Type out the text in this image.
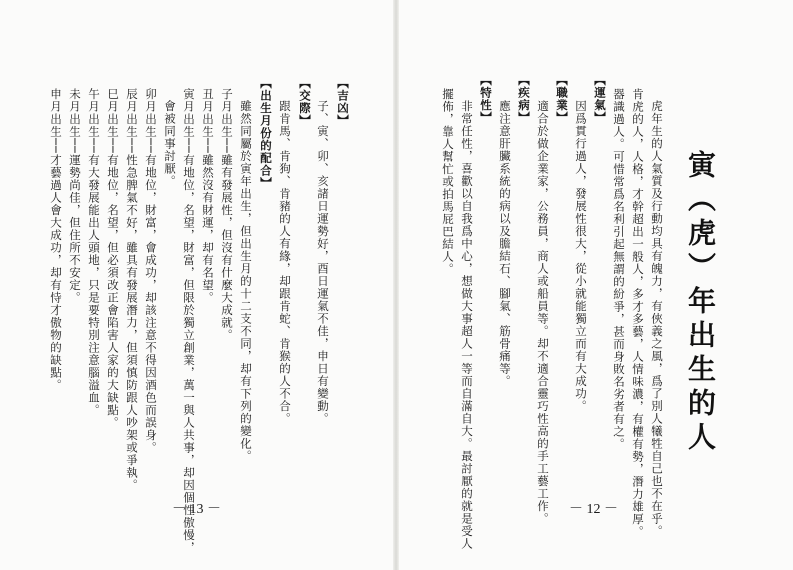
【吉凶】
子、寅、卯、亥諸日運勢好，酉日運氣不佳，申日有變動。
【交際】
跟肯馬、肯狗、肯豬的人有緣，却跟肯蛇、肯猴的人不合。
【出生月份的配合】
雖然同屬於寅年出生，但出生月的十二支不同，却有下列的變化。
子月出生──雖有發展性，但沒有什麼大成就。
丑月出生──雖然沒有財運，却有名望。
寅月出生──有地位，名望，財富，但限於獨立創業，萬一與人共事，却因個性傲慢，
會被同事討厭。
卯月出生──有地位，財富，會成功，却該注意不得因酒色而誤身。
辰月出生──性急脾氣不好，雖具有發展潛力，但須慎防跟人吵架或爭執。
巳月出生──有地位，名望，但必須改正會陷害人家的大缺點。
午月出生──有大發展能出人頭地，只是要特別注意腦溢血。
未月出生──運勢尚佳，但住所不安定。
申月出生──才藝過人會大成功，却有恃才傲物的缺點。
－ 13 －
寅（虎）年出生的人
虎年生的人氣質及行動均具有魄力，有俠義之風，爲了別人犧牲自己也不在乎。
肯虎的人，人格，才幹超出一般人，多才多藝，人情味濃，有權有勢，潛力雄厚。
器識過人。可惜常爲名利引起無謂的紛爭，甚而身敗名劣者有之。
【運氣】
因爲貫行過人，發展性很大，從小就能獨立而有大成功。
【職業】
適合於做企業家，公務員，商人或船員等。却不適合靈巧性高的手工藝工作。
【疾病】
應注意肝臟系統的病以及膽結石、腳氣、筋骨痛等。
【特性】
非常任性，喜歡以自我爲中心，想做大事超人一等而自滿自大。最討厭的就是受人
擺佈，靠人幫忙或拍馬屁巴結人。
－ 12 －
